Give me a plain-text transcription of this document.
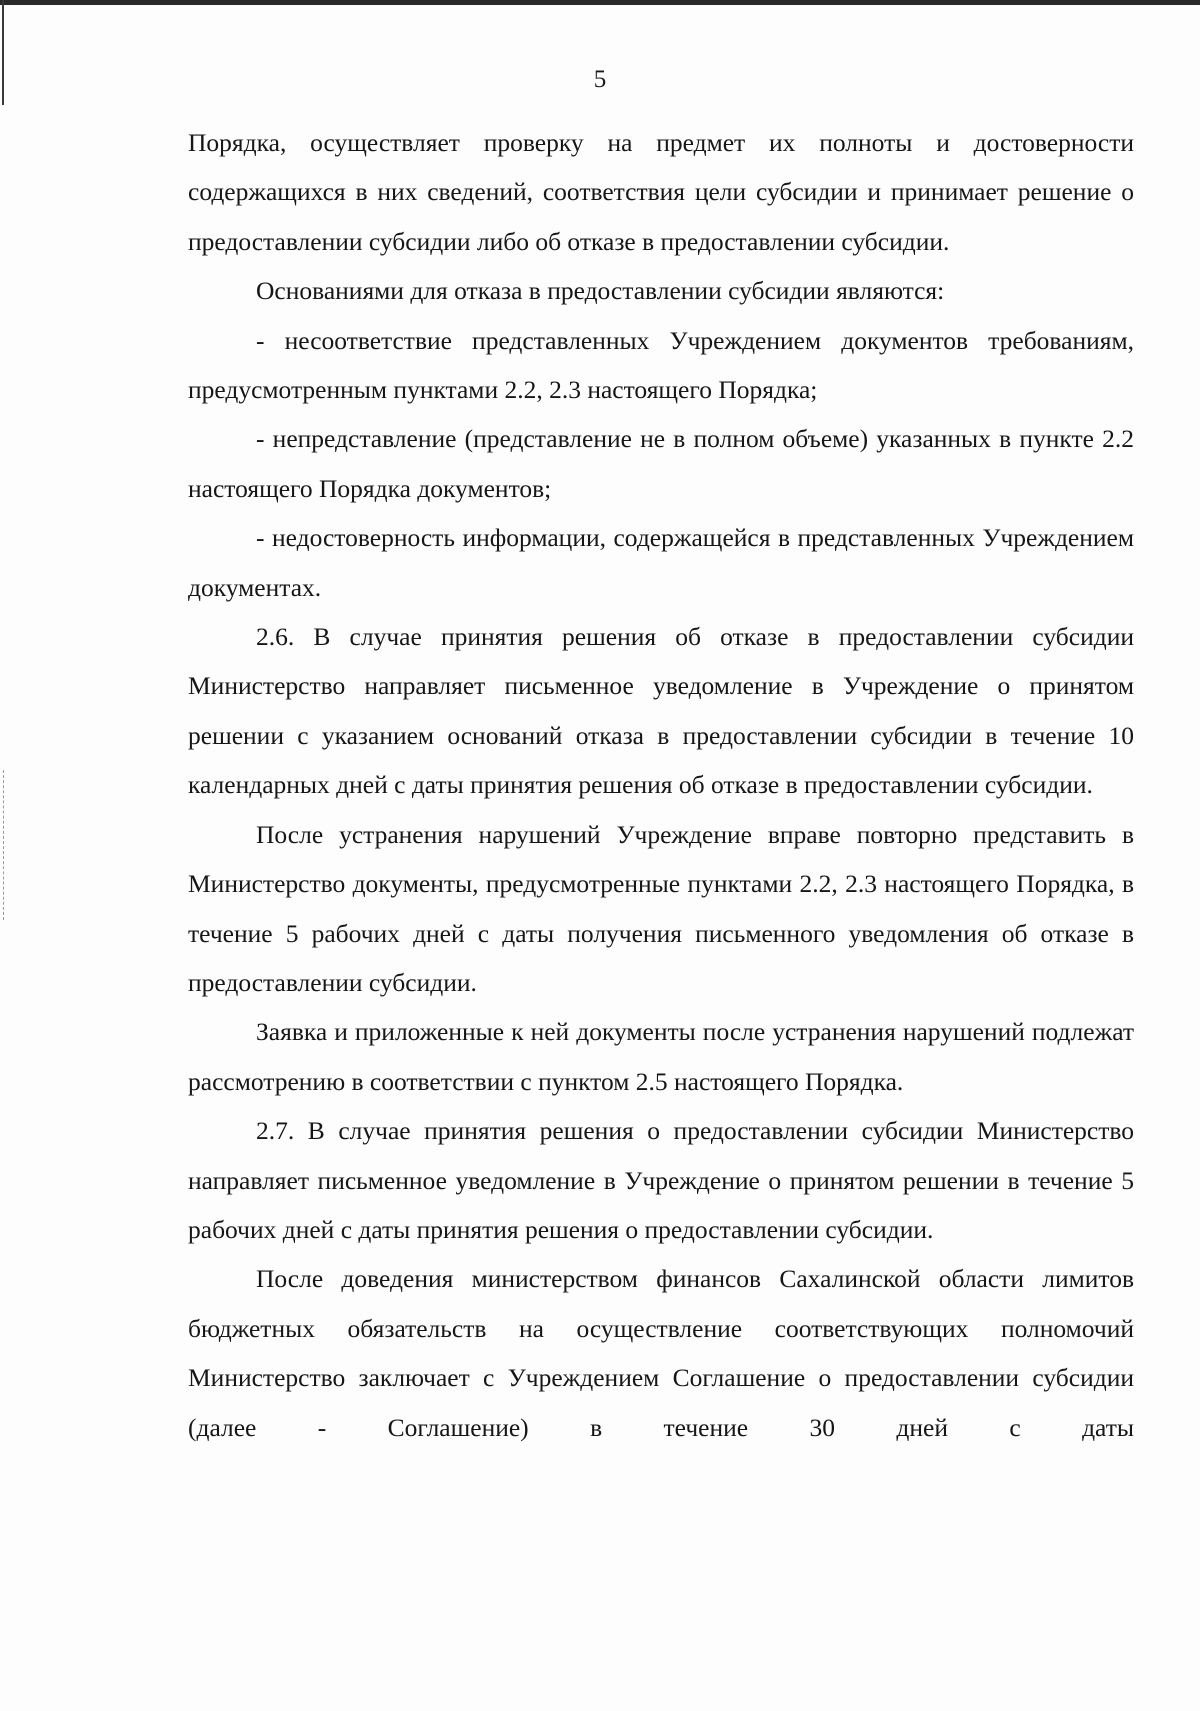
5

Порядка, осуществляет проверку на предмет их полноты и достоверности содержащихся в них сведений, соответствия цели субсидии и принимает решение о предоставлении субсидии либо об отказе в предоставлении субсидии.

Основаниями для отказа в предоставлении субсидии являются:

- несоответствие представленных Учреждением документов требованиям, предусмотренным пунктами 2.2, 2.3 настоящего Порядка;

- непредставление (представление не в полном объеме) указанных в пункте 2.2 настоящего Порядка документов;

- недостоверность информации, содержащейся в представленных Учреждением документах.

2.6. В случае принятия решения об отказе в предоставлении субсидии Министерство направляет письменное уведомление в Учреждение о принятом решении с указанием оснований отказа в предоставлении субсидии в течение 10 календарных дней с даты принятия решения об отказе в предоставлении субсидии.

После устранения нарушений Учреждение вправе повторно представить в Министерство документы, предусмотренные пунктами 2.2, 2.3 настоящего Порядка, в течение 5 рабочих дней с даты получения письменного уведомления об отказе в предоставлении субсидии.

Заявка и приложенные к ней документы после устранения нарушений подлежат рассмотрению в соответствии с пунктом 2.5 настоящего Порядка.

2.7. В случае принятия решения о предоставлении субсидии Министерство направляет письменное уведомление в Учреждение о принятом решении в течение 5 рабочих дней с даты принятия решения о предоставлении субсидии.

После доведения министерством финансов Сахалинской области лимитов бюджетных обязательств на осуществление соответствующих полномочий Министерство заключает с Учреждением Соглашение о предоставлении субсидии (далее - Соглашение) в течение 30 дней с даты
